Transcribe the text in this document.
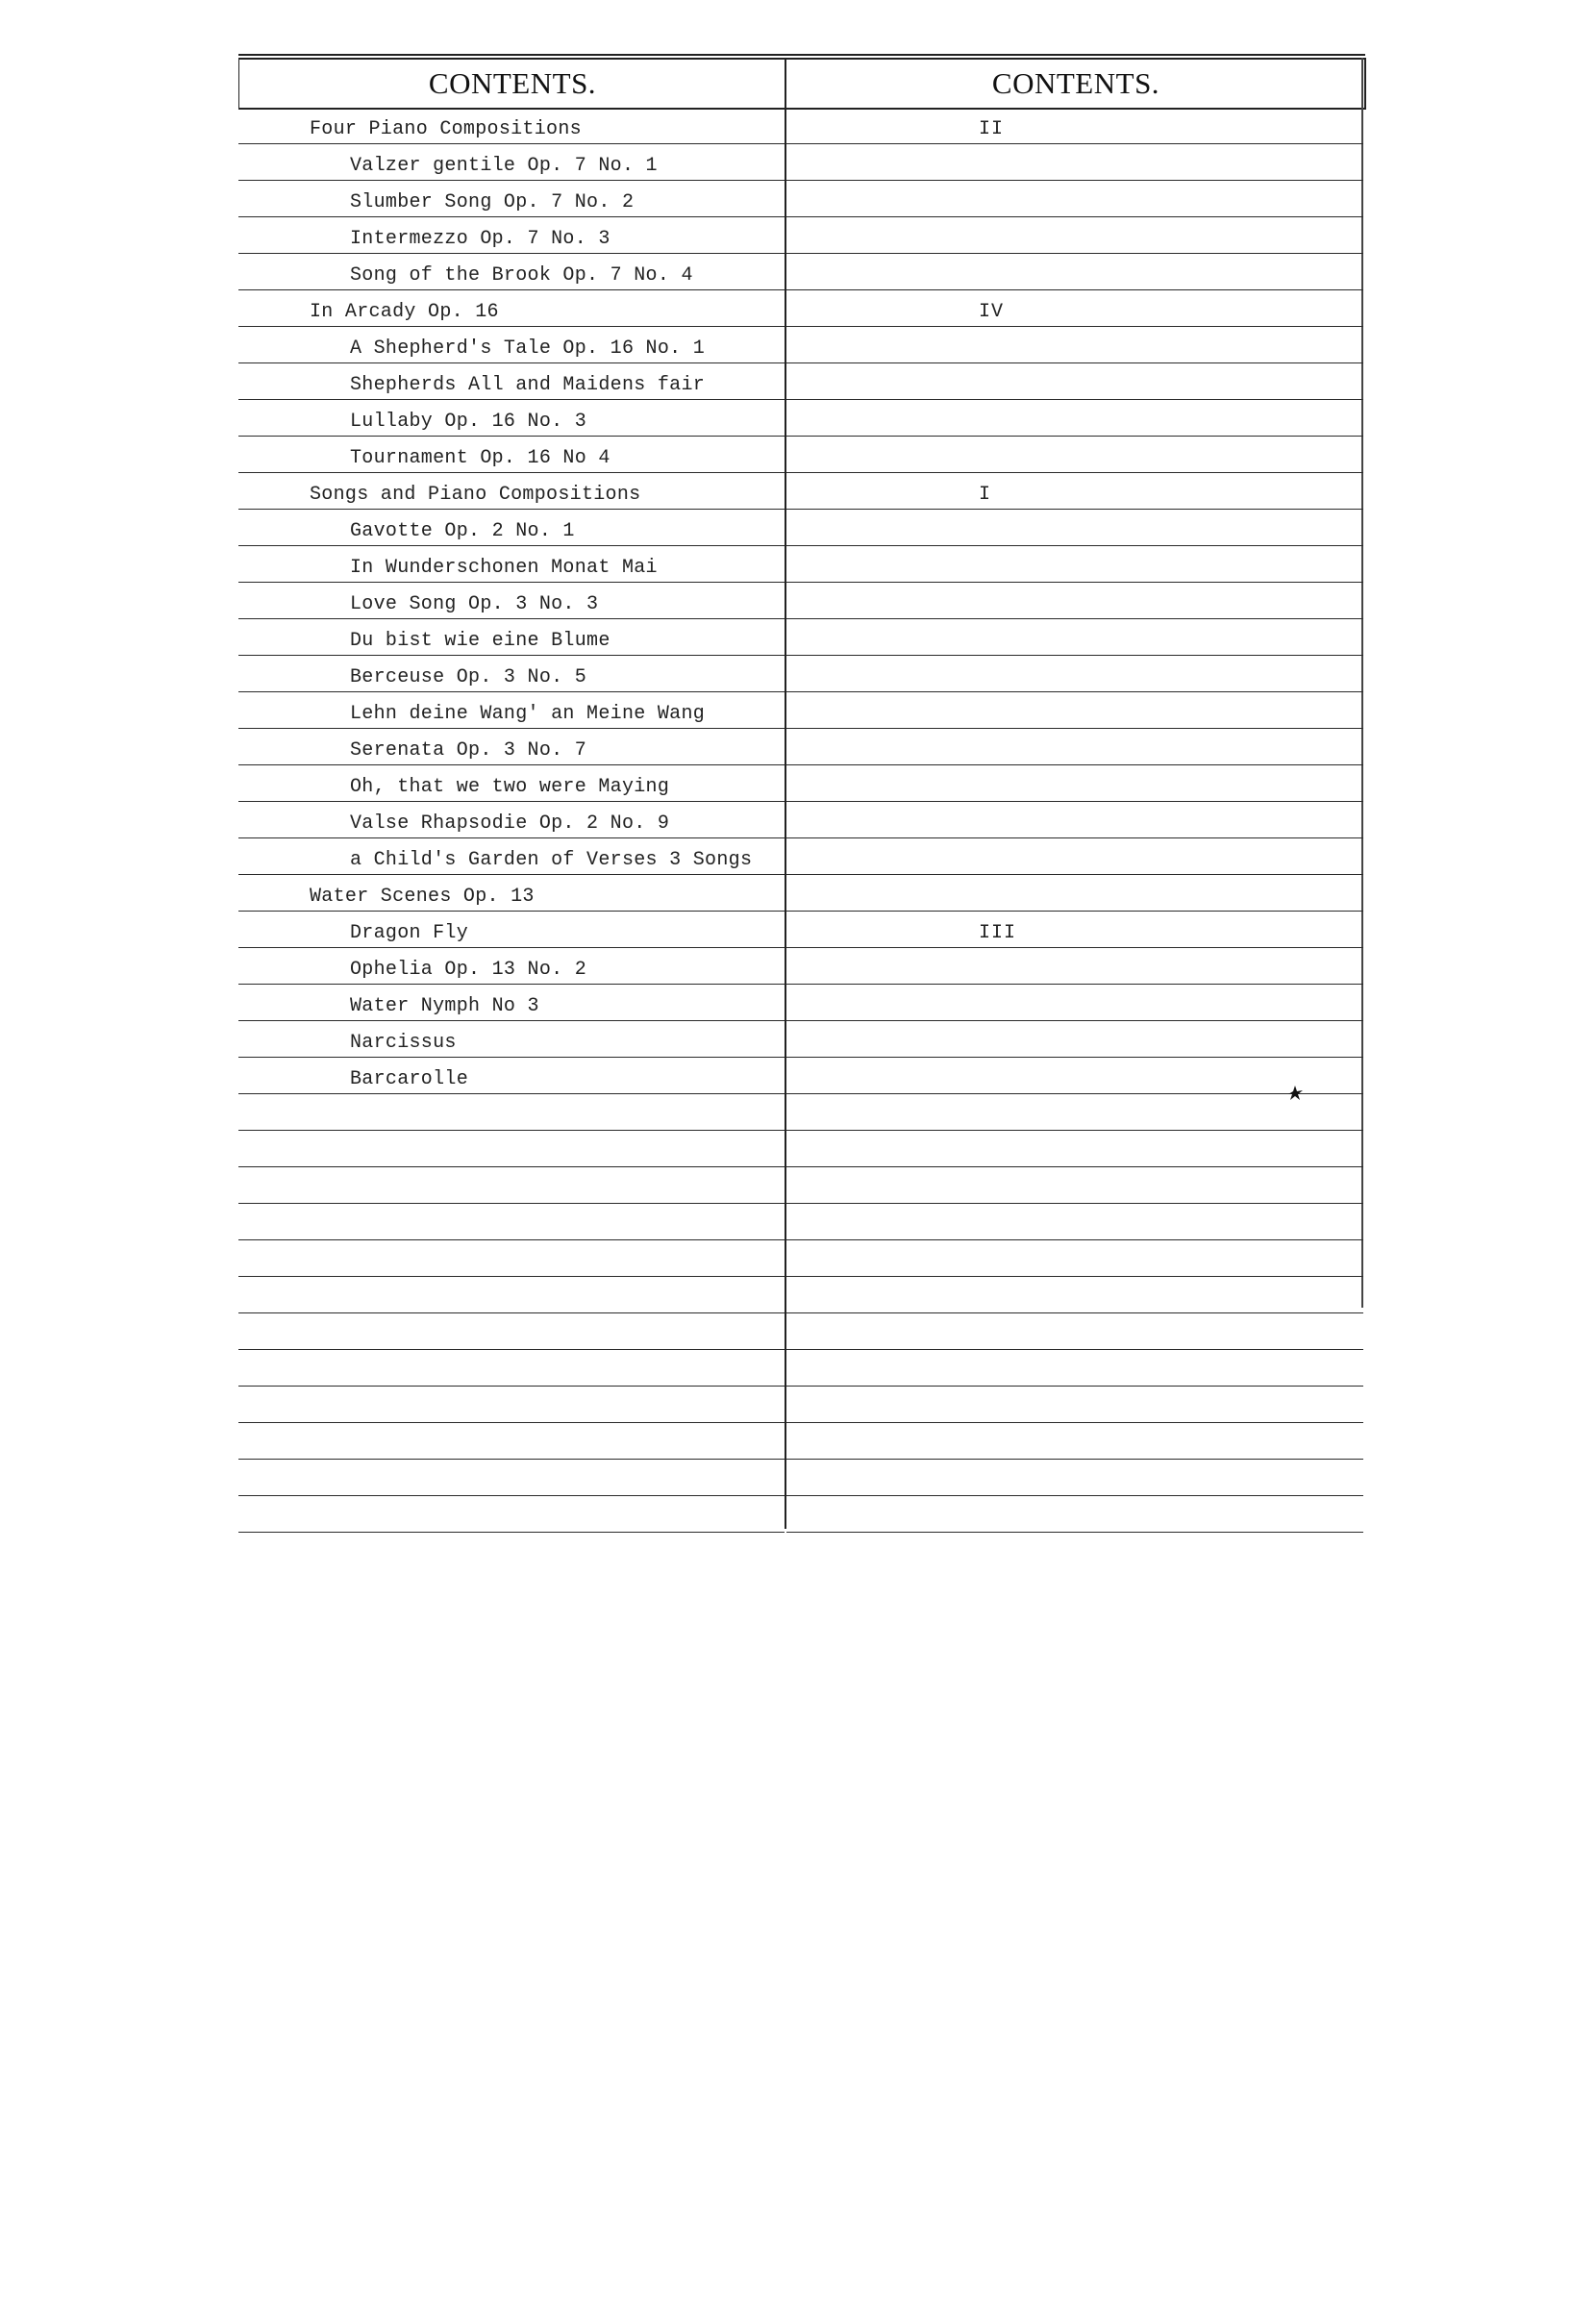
CONTENTS.	CONTENTS.
Four Piano Compositions	II
Valzer gentile Op. 7 No. 1
Slumber Song Op. 7 No. 2
Intermezzo Op. 7 No. 3
Song of the Brook Op. 7 No. 4
In Arcady Op. 16	IV
A Shepherd's Tale Op. 16 No. 1
Shepherds All and Maidens fair
Lullaby Op. 16 No. 3
Tournament Op. 16 No 4
Songs and Piano Compositions	I
Gavotte Op. 2 No. 1
In Wunderschonen Monat Mai
Love Song Op. 3 No. 3
Du bist wie eine Blume
Berceuse Op. 3 No. 5
Lehn deine Wang' an Meine Wang
Serenata Op. 3 No. 7
Oh, that we two were Maying
Valse Rhapsodie Op. 2 No. 9
a Child's Garden of Verses 3 Songs
Water Scenes Op. 13
Dragon Fly	III
Ophelia Op. 13 No. 2
Water Nymph No 3
Narcissus
Barcarolle
